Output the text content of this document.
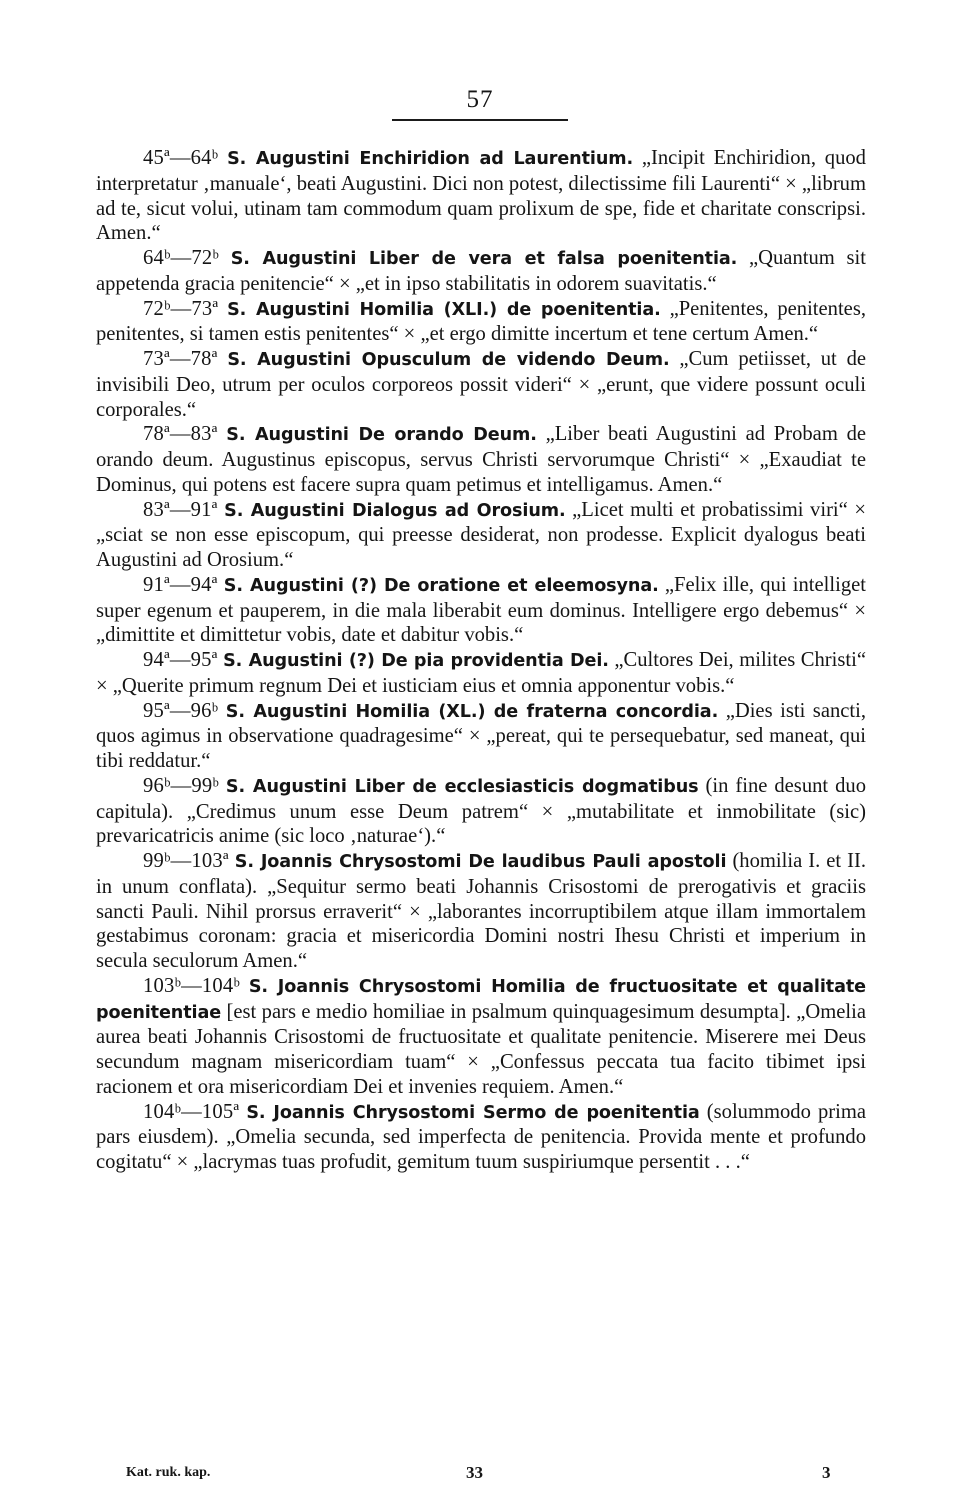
57

45ª—64ᵇ S. Augustini Enchiridion ad Laurentium. „Incipit Enchiridion, quod interpretatur ‚manuale‘, beati Augustini. Dici non potest, dilectissime fili Laurenti“ × „librum ad te, sicut volui, utinam tam commodum quam prolixum de spe, fide et charitate conscripsi. Amen.“

64ᵇ—72ᵇ S. Augustini Liber de vera et falsa poenitentia. „Quantum sit appetenda gracia penitencie“ × „et in ipso stabilitatis in odorem suavitatis.“

72ᵇ—73ª S. Augustini Homilia (XLI.) de poenitentia. „Penitentes, penitentes, penitentes, si tamen estis penitentes“ × „et ergo dimitte incertum et tene certum Amen.“

73ª—78ª S. Augustini Opusculum de videndo Deum. „Cum petiisset, ut de invisibili Deo, utrum per oculos corporeos possit videri“ × „erunt, que videre possunt oculi corporales.“

78ª—83ª S. Augustini De orando Deum. „Liber beati Augustini ad Probam de orando deum. Augustinus episcopus, servus Christi servorumque Christi“ × „Exaudiat te Dominus, qui potens est facere supra quam petimus et intelligamus. Amen.“

83ª—91ª S. Augustini Dialogus ad Orosium. „Licet multi et probatissimi viri“ × „sciat se non esse episcopum, qui preesse desiderat, non prodesse. Explicit dyalogus beati Augustini ad Orosium.“

91ª—94ª S. Augustini (?) De oratione et eleemosyna. „Felix ille, qui intelliget super egenum et pauperem, in die mala liberabit eum dominus. Intelligere ergo debemus“ × „dimittite et dimittetur vobis, date et dabitur vobis.“

94ª—95ª S. Augustini (?) De pia providentia Dei. „Cultores Dei, milites Christi“ × „Querite primum regnum Dei et iusticiam eius et omnia apponentur vobis.“

95ª—96ᵇ S. Augustini Homilia (XL.) de fraterna concordia. „Dies isti sancti, quos agimus in observatione quadragesime“ × „pereat, qui te persequebatur, sed maneat, qui tibi reddatur.“

96ᵇ—99ᵇ S. Augustini Liber de ecclesiasticis dogmatibus (in fine desunt duo capitula). „Credimus unum esse Deum patrem“ × „mutabilitate et inmobilitate (sic) prevaricatricis anime (sic loco ‚naturae‘).“

99ᵇ—103ª S. Joannis Chrysostomi De laudibus Pauli apostoli (homilia I. et II. in unum conflata). „Sequitur sermo beati Johannis Crisostomi de prerogativis et graciis sancti Pauli. Nihil prorsus erraverit“ × „laborantes incorruptibilem atque illam immortalem gestabimus coronam: gracia et misericordia Domini nostri Ihesu Christi et imperium in secula seculorum Amen.“

103ᵇ—104ᵇ S. Joannis Chrysostomi Homilia de fructuositate et qualitate poenitentiae [est pars e medio homiliae in psalmum quinquagesimum desumpta]. „Omelia aurea beati Johannis Crisostomi de fructuositate et qualitate penitencie. Miserere mei Deus secundum magnam misericordiam tuam“ × „Confessus peccata tua facito tibimet ipsi racionem et ora misericordiam Dei et invenies requiem. Amen.“

104ᵇ—105ª S. Joannis Chrysostomi Sermo de poenitentia (solummodo prima pars eiusdem). „Omelia secunda, sed imperfecta de penitencia. Provida mente et profundo cogitatu“ × „lacrymas tuas profudit, gemitum tuum suspiriumque persentit . . .“

Kat. ruk. kap.	33	3
